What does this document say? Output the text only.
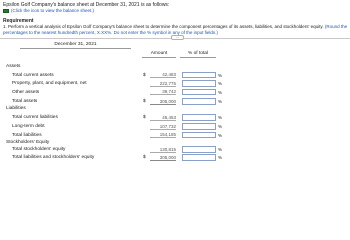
Epsilon Golf Company's balance sheet at December 31, 2021 is as follows:
(Click the icon to view the balance sheet.)
Requirement
1. Perform a vertical analysis of Epsilon Golf Company's balance sheet to determine the component percentages of its assets, liabilities, and stockholders' equity. (Round the percentages to the nearest hundredth percent, X.XX%. Do not enter the % symbol in any of the input fields.)
···
December 31, 2021
Amount	% of total
Assets
Total current assets	$	42,483	%
Property, plant, and equipment, net	222,775	%
Other assets	39,742	%
Total assets	$	305,000	%
Liabilities
Total current liabilities	$	46,453	%
Long-term debt	107,732	%
Total liabilities	154,185	%
Stockholders' Equity
Total stockholders' equity	130,815	%
Total liabilities and stockholders' equity	$	305,000	%
